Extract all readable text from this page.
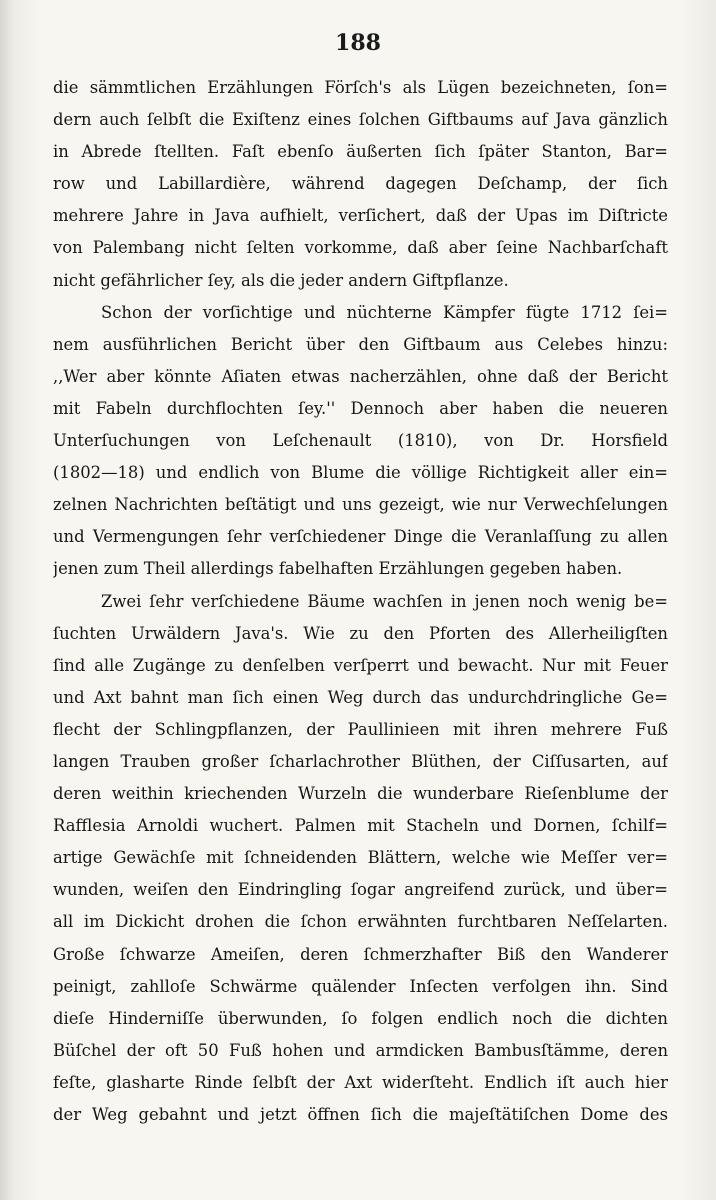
188
die sämmtlichen Erzählungen Förſch's als Lügen bezeichneten, ſon=
dern auch ſelbſt die Exiſtenz eines ſolchen Giftbaums auf Java gänzlich
in Abrede ſtellten. Faſt ebenſo äußerten ſich ſpäter Stanton, Bar=
row und Labillardière, während dagegen Deſchamp, der ſich
mehrere Jahre in Java aufhielt, verſichert, daß der Upas im Diſtricte
von Palembang nicht ſelten vorkomme, daß aber ſeine Nachbarſchaft
nicht gefährlicher ſey, als die jeder andern Giftpflanze.
Schon der vorſichtige und nüchterne Kämpfer fügte 1712 ſei=
nem ausführlichen Bericht über den Giftbaum aus Celebes hinzu:
,,Wer aber könnte Aſiaten etwas nacherzählen, ohne daß der Bericht
mit Fabeln durchflochten ſey.'' Dennoch aber haben die neueren
Unterſuchungen von Leſchenault (1810), von Dr. Horsfield
(1802—18) und endlich von Blume die völlige Richtigkeit aller ein=
zelnen Nachrichten beſtätigt und uns gezeigt, wie nur Verwechſelungen
und Vermengungen ſehr verſchiedener Dinge die Veranlaſſung zu allen
jenen zum Theil allerdings fabelhaften Erzählungen gegeben haben.
Zwei ſehr verſchiedene Bäume wachſen in jenen noch wenig be=
ſuchten Urwäldern Java's. Wie zu den Pforten des Allerheiligſten
ſind alle Zugänge zu denſelben verſperrt und bewacht. Nur mit Feuer
und Axt bahnt man ſich einen Weg durch das undurchdringliche Ge=
flecht der Schlingpflanzen, der Paullinieen mit ihren mehrere Fuß
langen Trauben großer ſcharlachrother Blüthen, der Ciſſusarten, auf
deren weithin kriechenden Wurzeln die wunderbare Rieſenblume der
Rafflesia Arnoldi wuchert. Palmen mit Stacheln und Dornen, ſchilf=
artige Gewächſe mit ſchneidenden Blättern, welche wie Meſſer ver=
wunden, weiſen den Eindringling ſogar angreifend zurück, und über=
all im Dickicht drohen die ſchon erwähnten furchtbaren Neſſelarten.
Große ſchwarze Ameiſen, deren ſchmerzhafter Biß den Wanderer
peinigt, zahlloſe Schwärme quälender Inſecten verfolgen ihn. Sind
dieſe Hinderniſſe überwunden, ſo folgen endlich noch die dichten
Büſchel der oft 50 Fuß hohen und armdicken Bambusſtämme, deren
feſte, glasharte Rinde ſelbſt der Axt widerſteht. Endlich iſt auch hier
der Weg gebahnt und jetzt öffnen ſich die majeſtätiſchen Dome des
